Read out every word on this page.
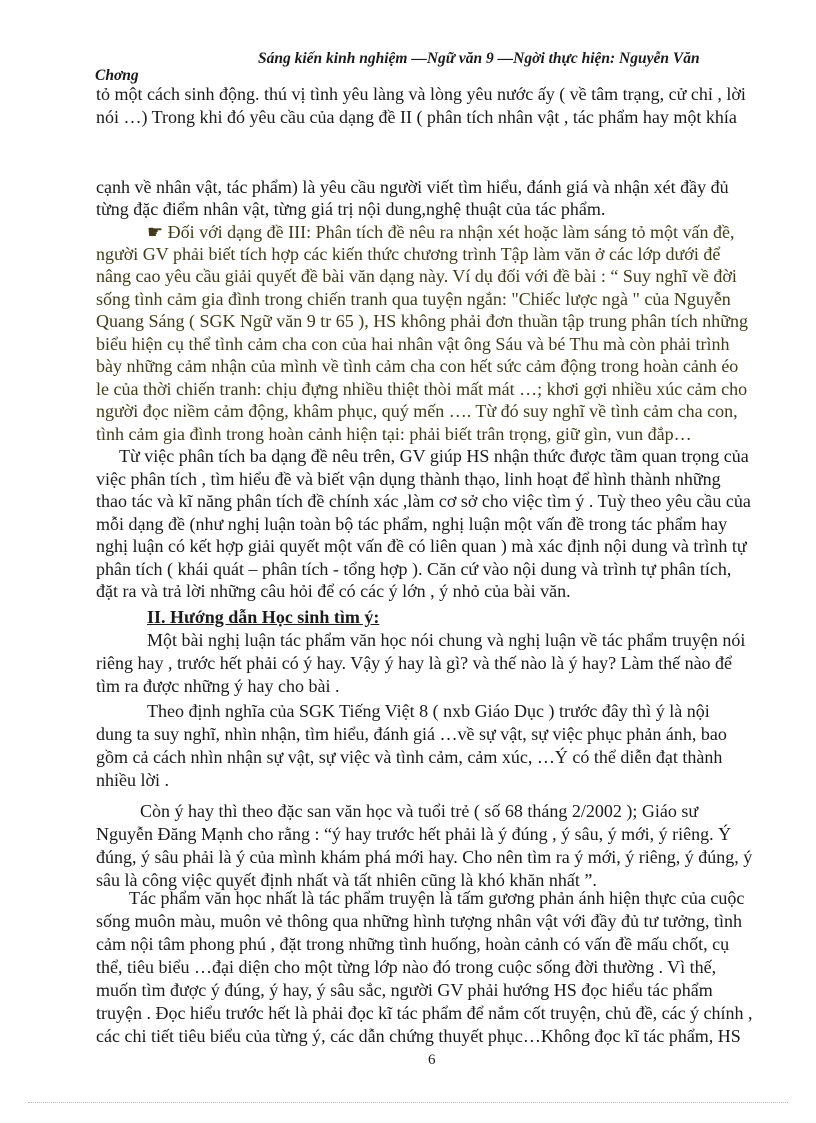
Sáng kiến kinh nghiệm —Ngữ văn 9 —Ngời thực hiện: Nguyễn Văn
Chơng
tỏ một cách sinh động. thú vị tình yêu làng và lòng yêu nước ấy ( về tâm trạng, cử chỉ , lời
nói …) Trong khi đó yêu cầu của dạng đề II ( phân tích nhân vật , tác phẩm hay một khía
cạnh về nhân vật, tác phẩm) là yêu cầu người viết tìm hiểu, đánh giá và nhận xét đầy đủ
từng đặc điểm nhân vật, từng giá trị nội dung,nghệ thuật của tác phẩm.
☛ Đối với dạng đề III: Phân tích đề nêu ra nhận xét hoặc làm sáng tỏ một vấn đề,
người GV phải biết tích hợp các kiến thức chương trình Tập làm văn ở các lớp dưới để
nâng cao yêu cầu giải quyết đề bài văn dạng này. Ví dụ đối với đề bài : “ Suy nghĩ về đời
sống tình cảm gia đình trong chiến tranh qua tuyện ngắn: "Chiếc lược ngà " của Nguyễn
Quang Sáng ( SGK Ngữ văn 9 tr 65 ), HS không phải đơn thuần tập trung phân tích những
biểu hiện cụ thể tình cảm cha con của hai nhân vật ông Sáu và bé Thu mà còn phải trình
bày những cảm nhận của mình về tình cảm cha con hết sức cảm động trong hoàn cảnh éo
le của thời chiến tranh: chịu đựng nhiều thiệt thòi mất mát …; khơi gợi nhiều xúc cảm cho
người đọc niềm cảm động, khâm phục, quý mến …. Từ đó suy nghĩ về tình cảm cha con,
tình cảm gia đình trong hoàn cảnh hiện tại: phải biết trân trọng, giữ gìn, vun đắp…
Từ việc phân tích ba dạng đề nêu trên, GV giúp HS nhận thức được tầm quan trọng của
việc phân tích , tìm hiểu đề và biết vận dụng thành thạo, linh hoạt để hình thành những
thao tác và kĩ năng phân tích đề chính xác ,làm cơ sở cho việc tìm ý . Tuỳ theo yêu cầu của
mỗi dạng đề (như nghị luận toàn bộ tác phẩm, nghị luận một vấn đề trong tác phẩm hay
nghị luận có kết hợp giải quyết một vấn đề có liên quan ) mà xác định nội dung và trình tự
phân tích ( khái quát – phân tích - tổng hợp ). Căn cứ vào nội dung và trình tự phân tích,
đặt ra và trả lời những câu hỏi để có các ý lớn , ý nhỏ của bài văn.
II. Hướng dẫn Học sinh tìm ý:
Một bài nghị luận tác phẩm văn học nói chung và nghị luận về tác phẩm truyện nói
riêng hay , trước hết phải có ý hay. Vậy ý hay là gì? và thế nào là ý hay? Làm thế nào để
tìm ra được những ý hay cho bài .
Theo định nghĩa của SGK Tiếng Việt 8 ( nxb Giáo Dục ) trước đây thì ý là nội
dung ta suy nghĩ, nhìn nhận, tìm hiểu, đánh giá …về sự vật, sự việc phục phản ánh, bao
gồm cả cách nhìn nhận sự vật, sự việc và tình cảm, cảm xúc, …Ý có thể diễn đạt thành
nhiều lời .
Còn ý hay thì theo đặc san văn học và tuổi trẻ ( số 68 tháng 2/2002 ); Giáo sư
Nguyễn Đăng Mạnh cho rằng : “ý hay trước hết phải là ý đúng , ý sâu, ý mới, ý riêng. Ý
đúng, ý sâu phải là ý của mình khám phá mới hay. Cho nên tìm ra ý mới, ý riêng, ý đúng, ý
sâu là công việc quyết định nhất và tất nhiên cũng là khó khăn nhất ”.
Tác phẩm văn học nhất là tác phẩm truyện là tấm gương phản ánh hiện thực của cuộc
sống muôn màu, muôn vẻ thông qua những hình tượng nhân vật với đầy đủ tư tưởng, tình
cảm nội tâm phong phú , đặt trong những tình huống, hoàn cảnh có vấn đề mấu chốt, cụ
thể, tiêu biểu …đại diện cho một từng lớp nào đó trong cuộc sống đời thường . Vì thế,
muốn tìm được ý đúng, ý hay, ý sâu sắc, người GV phải hướng HS đọc hiểu tác phẩm
truyện . Đọc hiểu trước hết là phải đọc kĩ tác phẩm để nắm cốt truyện, chủ đề, các ý chính ,
các chi tiết tiêu biểu của từng ý, các dẫn chứng thuyết phục…Không đọc kĩ tác phẩm, HS
6
